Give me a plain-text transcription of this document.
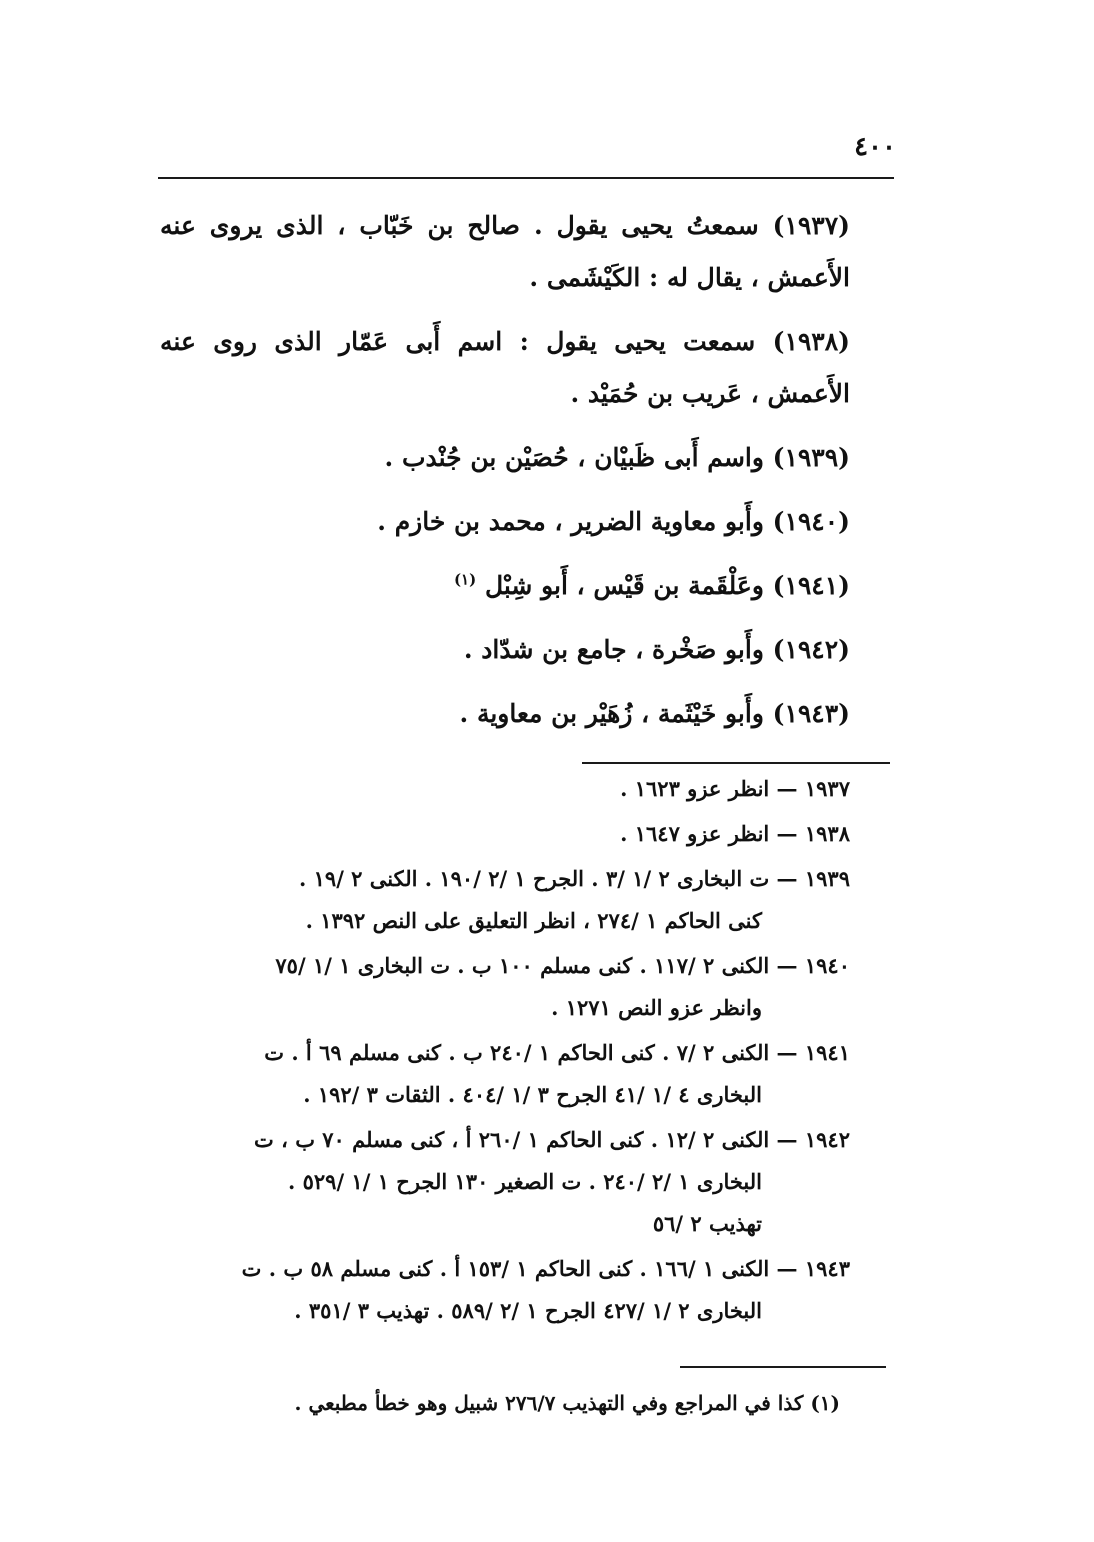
٤٠٠

(١٩٣٧) سمعتُ يحيى يقول . صالح بن خَبّاب ، الذى يروى عنه الأَعمش ، يقال له : الكَيْشَمى .

(١٩٣٨) سمعت يحيى يقول : اسم أَبى عَمّار الذى روى عنه الأَعمش ، عَريب بن حُمَيْد .

(١٩٣٩) واسم أَبى ظَبيْان ، حُصَيْن بن جُنْدب .

(١٩٤٠) وأَبو معاوية الضرير ، محمد بن خازم .

(١٩٤١) وعَلْقَمة بن قَيْس ، أَبو شِبْل $^{(١)}$

(١٩٤٢) وأَبو صَخْرة ، جامع بن شدّاد .

(١٩٤٣) وأَبو خَيْثَمة ، زُهَيْر بن معاوية .

١٩٣٧ — انظر عزو ١٦٢٣ .
١٩٣٨ — انظر عزو ١٦٤٧ .
١٩٣٩ — ت البخارى ٢ /١ /٣ . الجرح ١ /٢ /١٩٠ . الكنى ٢ /١٩ .
كنى الحاكم ١ /٢٧٤ ، انظر التعليق على النص ١٣٩٢ .
١٩٤٠ — الكنى ٢ /١١٧ . كنى مسلم ١٠٠ ب . ت البخارى ١ /١ /٧٥
وانظر عزو النص ١٢٧١ .
١٩٤١ — الكنى ٢ /٧ . كنى الحاكم ١ /٢٤٠ ب . كنى مسلم ٦٩ أ . ت
البخارى ٤ /١ /٤١ الجرح ٣ /١ /٤٠٤ . الثقات ٣ /١٩٢ .
١٩٤٢ — الكنى ٢ /١٢ . كنى الحاكم ١ /٢٦٠ أ ، كنى مسلم ٧٠ ب ، ت
البخارى ١ /٢ /٢٤٠ . ت الصغير ١٣٠ الجرح ١ /١ /٥٢٩ .
تهذيب ٢ /٥٦
١٩٤٣ — الكنى ١ /١٦٦ . كنى الحاكم ١ /١٥٣ أ . كنى مسلم ٥٨ ب . ت
البخارى ٢ /١ /٤٢٧ الجرح ١ /٢ /٥٨٩ . تهذيب ٣ /٣٥١ .
(١) كذا في المراجع وفي التهذيب ٢٧٦/٧ شبيل وهو خطأ مطبعي .
